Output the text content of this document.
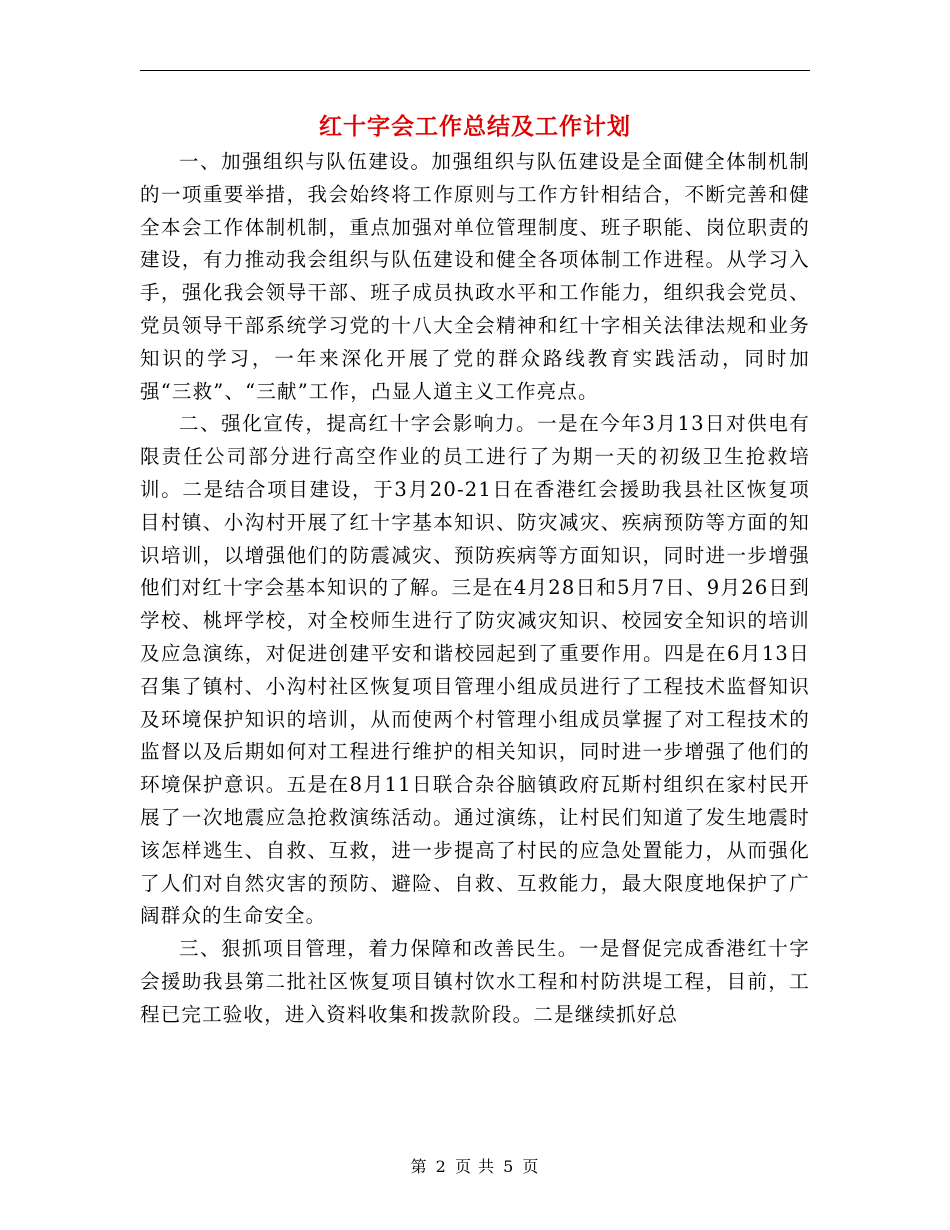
红十字会工作总结及工作计划

一、加强组织与队伍建设。加强组织与队伍建设是全面健全体制机制的一项重要举措，我会始终将工作原则与工作方针相结合，不断完善和健全本会工作体制机制，重点加强对单位管理制度、班子职能、岗位职责的建设，有力推动我会组织与队伍建设和健全各项体制工作进程。从学习入手，强化我会领导干部、班子成员执政水平和工作能力，组织我会党员、党员领导干部系统学习党的十八大全会精神和红十字相关法律法规和业务知识的学习，一年来深化开展了党的群众路线教育实践活动，同时加强“三救”、“三献”工作，凸显人道主义工作亮点。

二、强化宣传，提高红十字会影响力。一是在今年3月13日对供电有限责任公司部分进行高空作业的员工进行了为期一天的初级卫生抢救培训。二是结合项目建设，于3月20-21日在香港红会援助我县社区恢复项目村镇、小沟村开展了红十字基本知识、防灾减灾、疾病预防等方面的知识培训，以增强他们的防震减灾、预防疾病等方面知识，同时进一步增强他们对红十字会基本知识的了解。三是在4月28日和5月7日、9月26日到学校、桃坪学校，对全校师生进行了防灾减灾知识、校园安全知识的培训及应急演练，对促进创建平安和谐校园起到了重要作用。四是在6月13日召集了镇村、小沟村社区恢复项目管理小组成员进行了工程技术监督知识及环境保护知识的培训，从而使两个村管理小组成员掌握了对工程技术的监督以及后期如何对工程进行维护的相关知识，同时进一步增强了他们的环境保护意识。五是在8月11日联合杂谷脑镇政府瓦斯村组织在家村民开展了一次地震应急抢救演练活动。通过演练，让村民们知道了发生地震时该怎样逃生、自救、互救，进一步提高了村民的应急处置能力，从而强化了人们对自然灾害的预防、避险、自救、互救能力，最大限度地保护了广阔群众的生命安全。

三、狠抓项目管理，着力保障和改善民生。一是督促完成香港红十字会援助我县第二批社区恢复项目镇村饮水工程和村防洪堤工程，目前，工程已完工验收，进入资料收集和拨款阶段。二是继续抓好总

第 2 页 共 5 页
